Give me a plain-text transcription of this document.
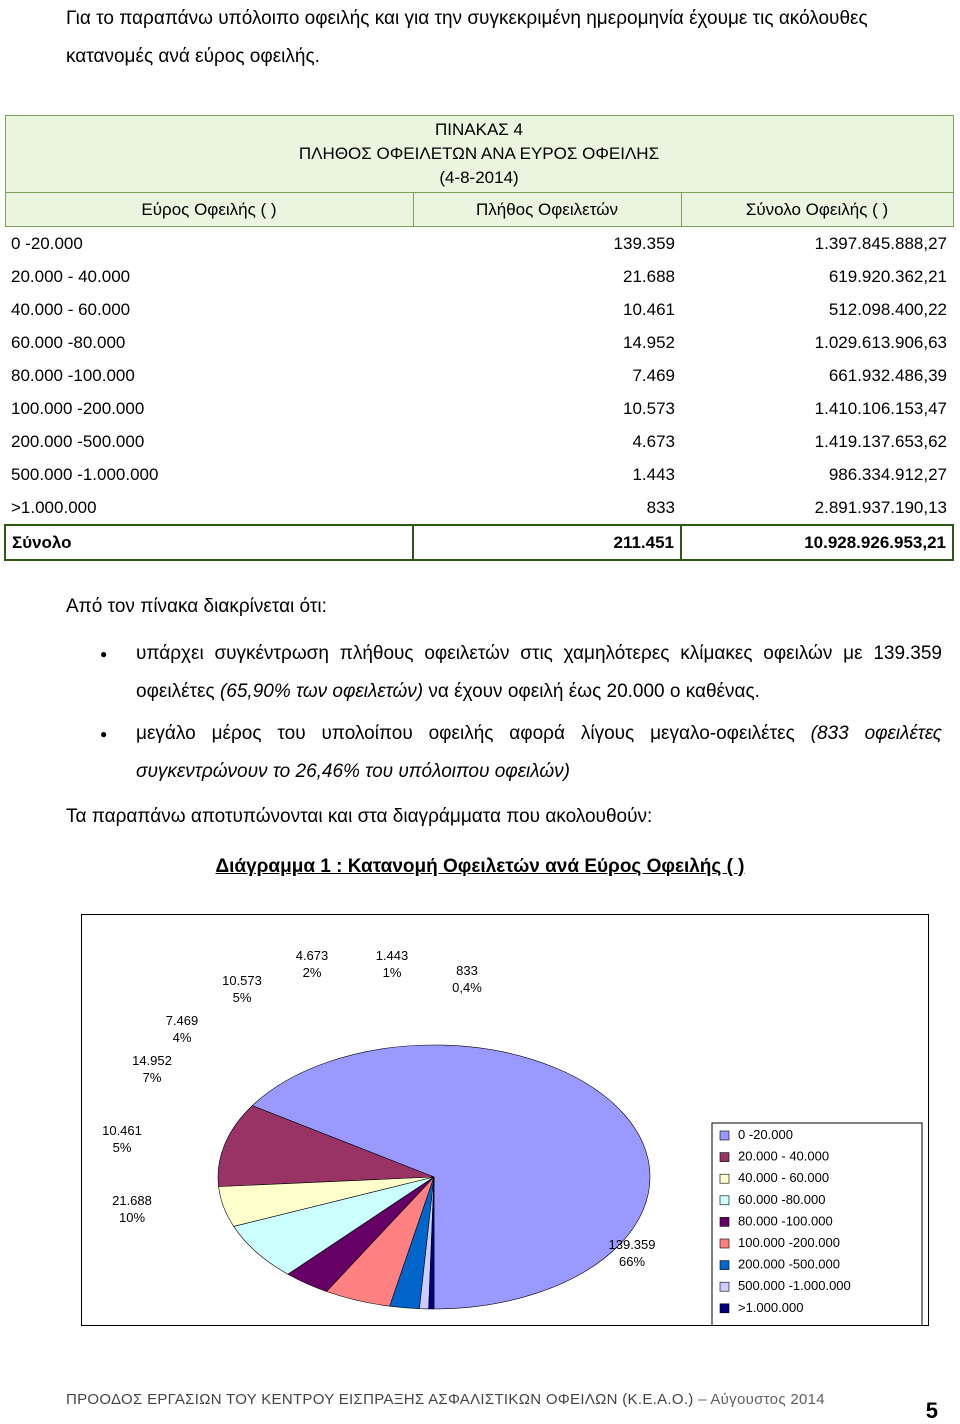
Για το παραπάνω υπόλοιπο οφειλής και για την συγκεκριμένη ημερομηνία έχουμε τις ακόλουθες

κατανομές ανά εύρος οφειλής.

ΠΙΝΑΚΑΣ 4
ΠΛΗΘΟΣ ΟΦΕΙΛΕΤΩΝ ΑΝΑ ΕΥΡΟΣ ΟΦΕΙΛΗΣ
(4-8-2014)		

Εύρος Οφειλής ( )	Πλήθος Οφειλετών	Σύνολο Οφειλής ( )
0 -20.000	139.359	1.397.845.888,27
20.000 - 40.000	21.688	619.920.362,21
40.000 - 60.000	10.461	512.098.400,22
60.000 -80.000	14.952	1.029.613.906,63
80.000 -100.000	7.469	661.932.486,39
100.000 -200.000	10.573	1.410.106.153,47
200.000 -500.000	4.673	1.419.137.653,62
500.000 -1.000.000	1.443	986.334.912,27
>1.000.000	833	2.891.937.190,13
Σύνολο	211.451	10.928.926.953,21
Από τον πίνακα διακρίνεται ότι:
● υπάρχει συγκέντρωση πλήθους οφειλετών στις χαμηλότερες κλίμακες οφειλών με 139.359 οφειλέτες (65,90% των οφειλετών) να έχουν οφειλή έως 20.000 ο καθένας.
● μεγάλο μέρος του υπολοίπου οφειλής αφορά λίγους μεγαλο-οφειλέτες (833 οφειλέτες συγκεντρώνουν το 26,46% του υπόλοιπου οφειλών)
Τα παραπάνω αποτυπώνονται και στα διαγράμματα που ακολουθούν:
Διάγραμμα 1 : Κατανομή Οφειλετών ανά Εύρος Οφειλής ( )
139.359
66%
21.688
10%
10.461
5%
14.952
7%
7.469
4%
10.573
5%
4.673
2%
1.443
1%	833
0,4%
0 -20.000
20.000 - 40.000
40.000 - 60.000
60.000 -80.000
80.000 -100.000
100.000 -200.000
200.000 -500.000
500.000 -1.000.000
>1.000.000
ΠΡΟΟΔΟΣ ΕΡΓΑΣΙΩΝ ΤΟΥ ΚΕΝΤΡΟΥ ΕΙΣΠΡΑΞΗΣ ΑΣΦΑΛΙΣΤΙΚΩΝ ΟΦΕΙΛΩΝ (Κ.Ε.Α.Ο.) – Αύγουστος 2014	5
